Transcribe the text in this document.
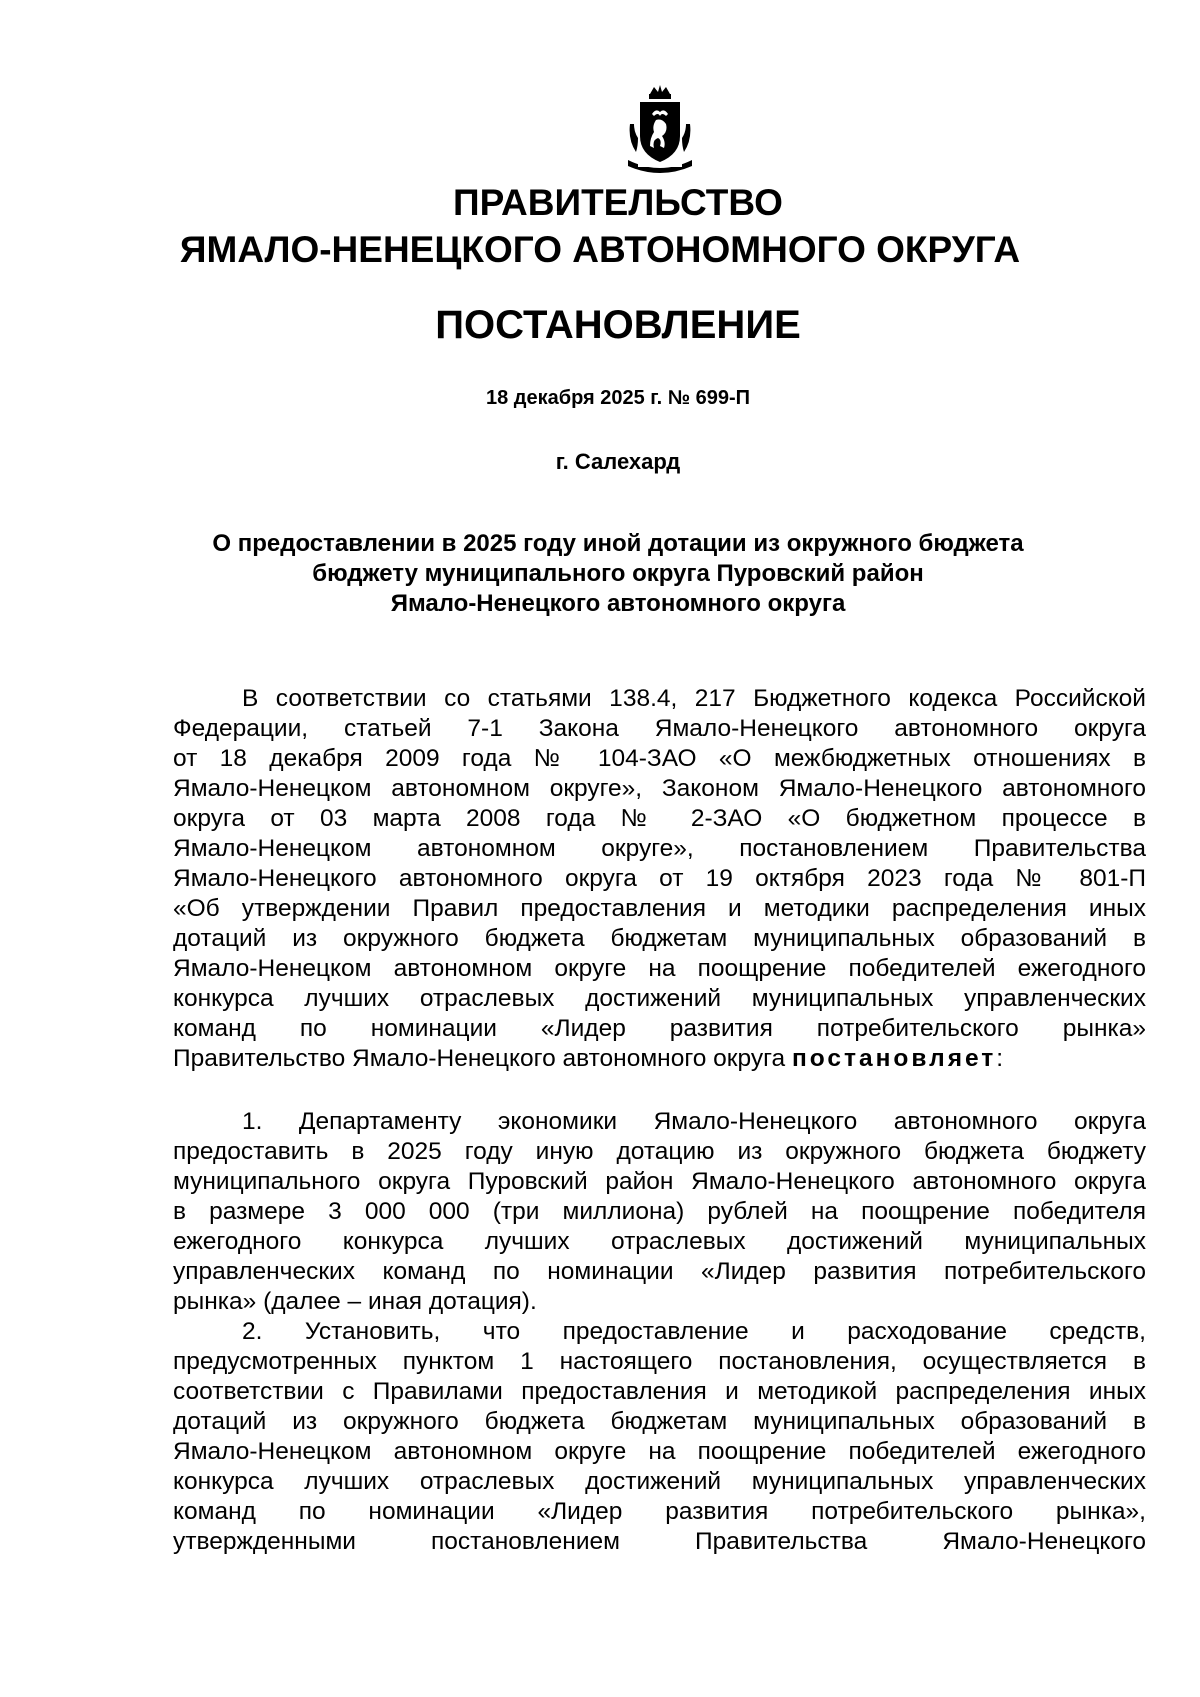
ПРАВИТЕЛЬСТВО
ЯМАЛО-НЕНЕЦКОГО АВТОНОМНОГО ОКРУГА
ПОСТАНОВЛЕНИЕ
18 декабря 2025 г. № 699-П
г. Салехард
О предоставлении в 2025 году иной дотации из окружного бюджета
бюджету муниципального округа Пуровский район
Ямало-Ненецкого автономного округа
В соответствии со статьями 138.4, 217 Бюджетного кодекса Российской
Федерации, статьей 7-1 Закона Ямало-Ненецкого автономного округа
от 18 декабря 2009 года № 104-ЗАО «О межбюджетных отношениях в
Ямало-Ненецком автономном округе», Законом Ямало-Ненецкого автономного
округа от 03 марта 2008 года № 2-ЗАО «О бюджетном процессе в
Ямало-Ненецком автономном округе», постановлением Правительства
Ямало-Ненецкого автономного округа от 19 октября 2023 года № 801-П
«Об утверждении Правил предоставления и методики распределения иных
дотаций из окружного бюджета бюджетам муниципальных образований в
Ямало-Ненецком автономном округе на поощрение победителей ежегодного
конкурса лучших отраслевых достижений муниципальных управленческих
команд по номинации «Лидер развития потребительского рынка»
Правительство Ямало-Ненецкого автономного округа постановляет:
1. Департаменту экономики Ямало-Ненецкого автономного округа
предоставить в 2025 году иную дотацию из окружного бюджета бюджету
муниципального округа Пуровский район Ямало-Ненецкого автономного округа
в размере 3 000 000 (три миллиона) рублей на поощрение победителя
ежегодного конкурса лучших отраслевых достижений муниципальных
управленческих команд по номинации «Лидер развития потребительского
рынка» (далее – иная дотация).
2. Установить, что предоставление и расходование средств,
предусмотренных пунктом 1 настоящего постановления, осуществляется в
соответствии с Правилами предоставления и методикой распределения иных
дотаций из окружного бюджета бюджетам муниципальных образований в
Ямало-Ненецком автономном округе на поощрение победителей ежегодного
конкурса лучших отраслевых достижений муниципальных управленческих
команд по номинации «Лидер развития потребительского рынка»,
утвержденными постановлением Правительства Ямало-Ненецкого
